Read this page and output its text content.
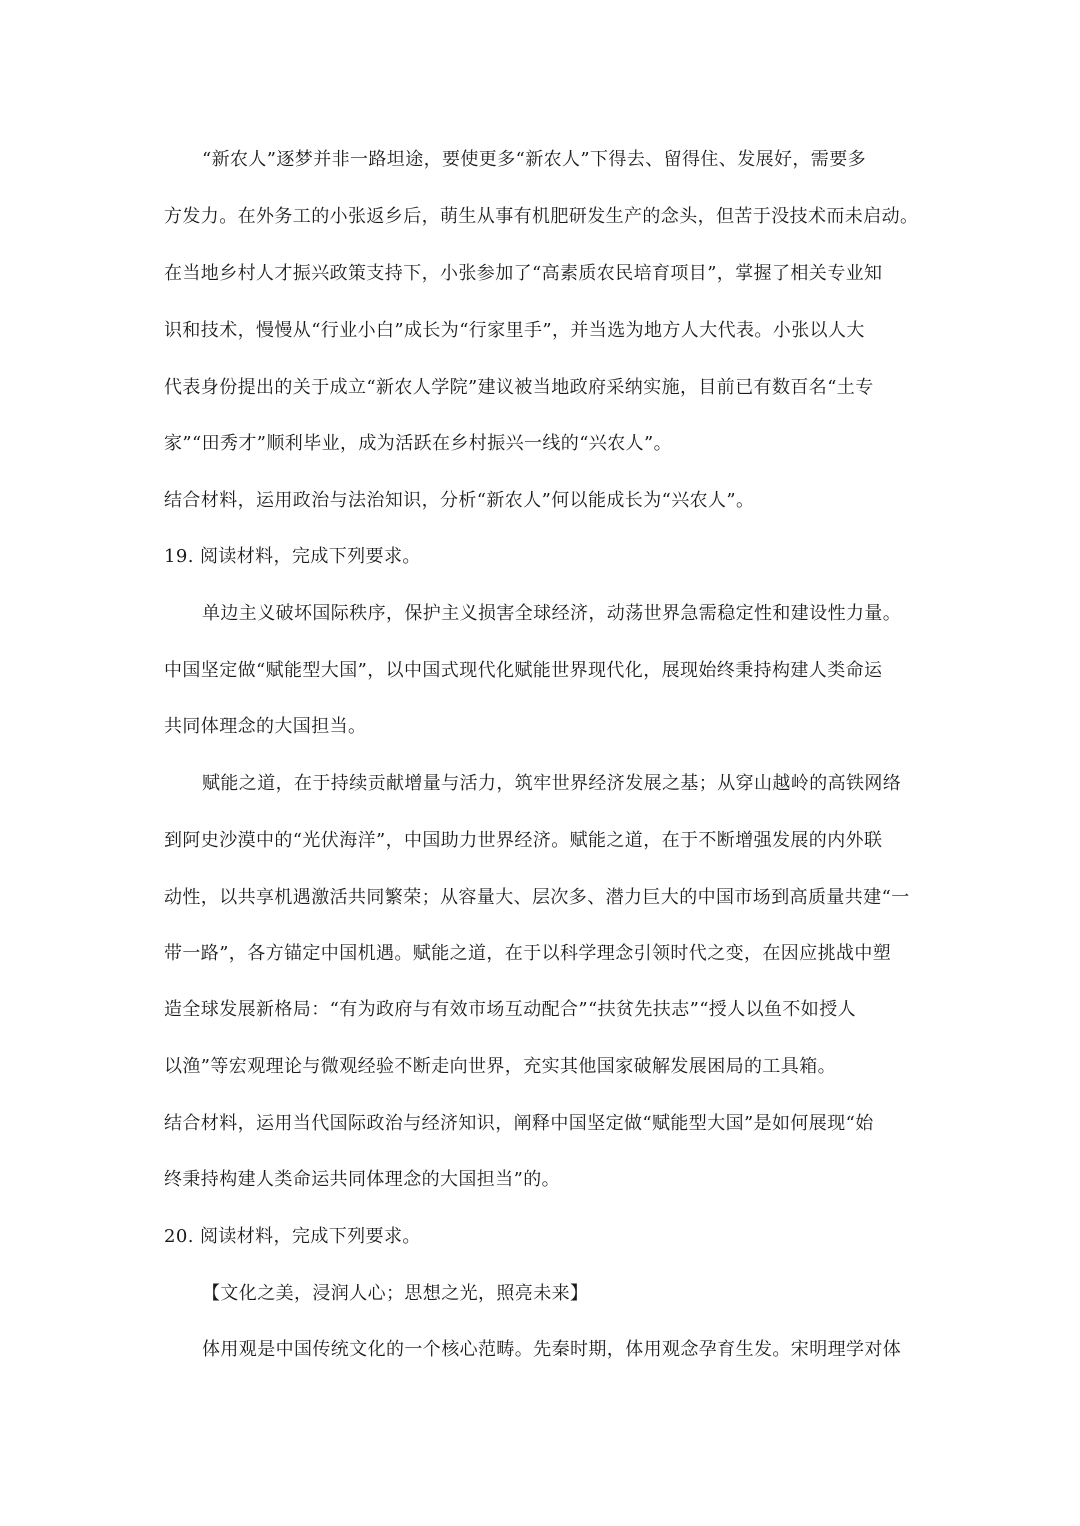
“新农人”逐梦并非一路坦途，要使更多“新农人”下得去、留得住、发展好，需要多
方发力。在外务工的小张返乡后，萌生从事有机肥研发生产的念头，但苦于没技术而未启动。
在当地乡村人才振兴政策支持下，小张参加了“高素质农民培育项目”，掌握了相关专业知
识和技术，慢慢从“行业小白”成长为“行家里手”，并当选为地方人大代表。小张以人大
代表身份提出的关于成立“新农人学院”建议被当地政府采纳实施，目前已有数百名“土专
家”“田秀才”顺利毕业，成为活跃在乡村振兴一线的“兴农人”。
结合材料，运用政治与法治知识，分析“新农人”何以能成长为“兴农人”。
19. 阅读材料，完成下列要求。
单边主义破坏国际秩序，保护主义损害全球经济，动荡世界急需稳定性和建设性力量。
中国坚定做“赋能型大国”，以中国式现代化赋能世界现代化，展现始终秉持构建人类命运
共同体理念的大国担当。
赋能之道，在于持续贡献增量与活力，筑牢世界经济发展之基；从穿山越岭的高铁网络
到阿史沙漠中的“光伏海洋”，中国助力世界经济。赋能之道，在于不断增强发展的内外联
动性，以共享机遇激活共同繁荣；从容量大、层次多、潜力巨大的中国市场到高质量共建“一
带一路”，各方锚定中国机遇。赋能之道，在于以科学理念引领时代之变，在因应挑战中塑
造全球发展新格局：“有为政府与有效市场互动配合”“扶贫先扶志”“授人以鱼不如授人
以渔”等宏观理论与微观经验不断走向世界，充实其他国家破解发展困局的工具箱。
结合材料，运用当代国际政治与经济知识，阐释中国坚定做“赋能型大国”是如何展现“始
终秉持构建人类命运共同体理念的大国担当”的。
20. 阅读材料，完成下列要求。
【文化之美，浸润人心；思想之光，照亮未来】
体用观是中国传统文化的一个核心范畴。先秦时期，体用观念孕育生发。宋明理学对体
